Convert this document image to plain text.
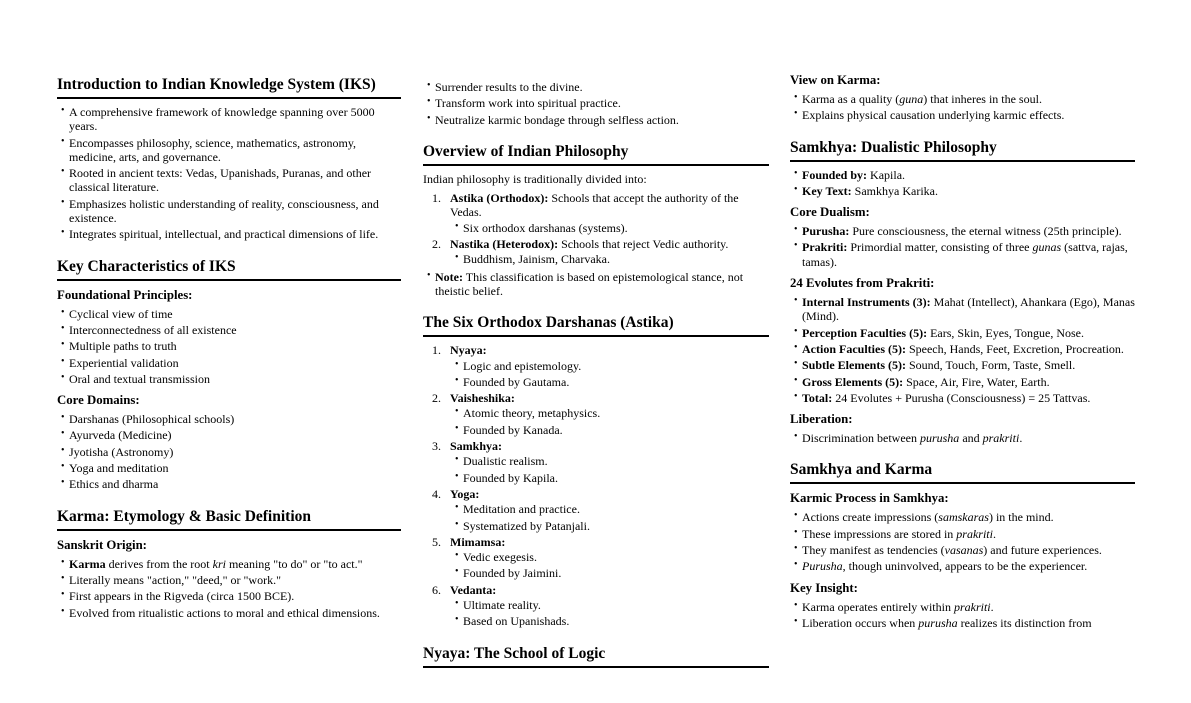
Introduction to Indian Knowledge System (IKS)
• A comprehensive framework of knowledge spanning over 5000 years.
• Encompasses philosophy, science, mathematics, astronomy, medicine, arts, and governance.
• Rooted in ancient texts: Vedas, Upanishads, Puranas, and other classical literature.
• Emphasizes holistic understanding of reality, consciousness, and existence.
• Integrates spiritual, intellectual, and practical dimensions of life.
Key Characteristics of IKS
Foundational Principles:
• Cyclical view of time
• Interconnectedness of all existence
• Multiple paths to truth
• Experiential validation
• Oral and textual transmission
Core Domains:
• Darshanas (Philosophical schools)
• Ayurveda (Medicine)
• Jyotisha (Astronomy)
• Yoga and meditation
• Ethics and dharma
Karma: Etymology & Basic Definition
Sanskrit Origin:
• Karma derives from the root kri meaning "to do" or "to act."
• Literally means "action," "deed," or "work."
• First appears in the Rigveda (circa 1500 BCE).
• Evolved from ritualistic actions to moral and ethical dimensions.
• Surrender results to the divine.
• Transform work into spiritual practice.
• Neutralize karmic bondage through selfless action.
Overview of Indian Philosophy

Indian philosophy is traditionally divided into:

1. Astika (Orthodox): Schools that accept the authority of the Vedas.
• Six orthodox darshanas (systems).
2. Nastika (Heterodox): Schools that reject Vedic authority.
• Buddhism, Jainism, Charvaka.
• Note: This classification is based on epistemological stance, not theistic belief.
The Six Orthodox Darshanas (Astika)
1. Nyaya:
• Logic and epistemology.
• Founded by Gautama.
2. Vaisheshika:
• Atomic theory, metaphysics.
• Founded by Kanada.
3. Samkhya:
• Dualistic realism.
• Founded by Kapila.
4. Yoga:
• Meditation and practice.
• Systematized by Patanjali.
5. Mimamsa:
• Vedic exegesis.
• Founded by Jaimini.
6. Vedanta:
• Ultimate reality.
• Based on Upanishads.
Nyaya: The School of Logic
View on Karma:
• Karma as a quality (guna) that inheres in the soul.
• Explains physical causation underlying karmic effects.
Samkhya: Dualistic Philosophy
• Founded by: Kapila.
• Key Text: Samkhya Karika.
Core Dualism:
• Purusha: Pure consciousness, the eternal witness (25th principle).
• Prakriti: Primordial matter, consisting of three gunas (sattva, rajas, tamas).
24 Evolutes from Prakriti:
• Internal Instruments (3): Mahat (Intellect), Ahankara (Ego), Manas (Mind).
• Perception Faculties (5): Ears, Skin, Eyes, Tongue, Nose.
• Action Faculties (5): Speech, Hands, Feet, Excretion, Procreation.
• Subtle Elements (5): Sound, Touch, Form, Taste, Smell.
• Gross Elements (5): Space, Air, Fire, Water, Earth.
• Total: 24 Evolutes + Purusha (Consciousness) = 25 Tattvas.
Liberation:
• Discrimination between purusha and prakriti.
Samkhya and Karma
Karmic Process in Samkhya:
• Actions create impressions (samskaras) in the mind.
• These impressions are stored in prakriti.
• They manifest as tendencies (vasanas) and future experiences.
• Purusha, though uninvolved, appears to be the experiencer.
Key Insight:
• Karma operates entirely within prakriti.
• Liberation occurs when purusha realizes its distinction from
